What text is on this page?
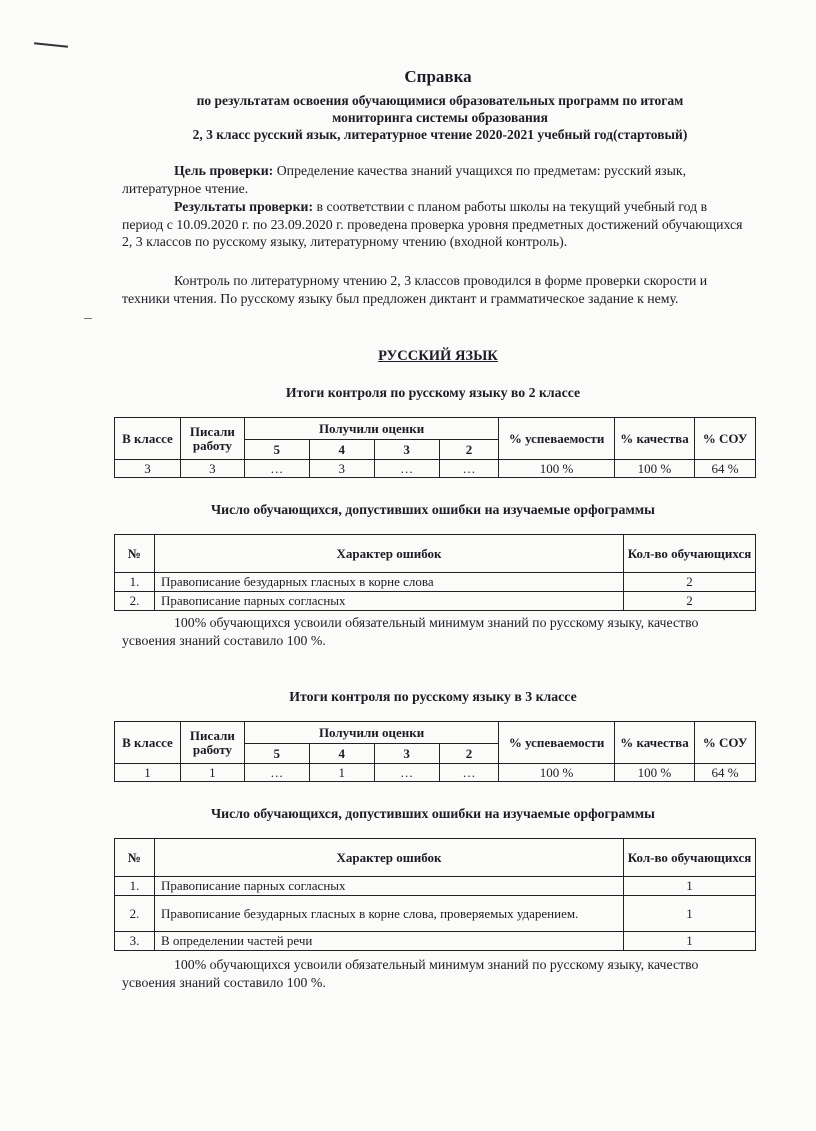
Справка
по результатам освоения обучающимися образовательных программ по итогам
мониторинга системы образования
2, 3 класс русский язык, литературное чтение 2020-2021 учебный год(стартовый)
Цель проверки: Определение качества знаний учащихся по предметам: русский язык, литературное чтение.
Результаты проверки: в соответствии с планом работы школы на текущий учебный год в период с 10.09.2020 г. по 23.09.2020 г. проведена проверка уровня предметных достижений обучающихся 2, 3 классов по русскому языку, литературному чтению (входной контроль).
Контроль по литературному чтению 2, 3 классов проводился в форме проверки скорости и техники чтения. По русскому языку был предложен диктант и грамматическое задание к нему.
РУССКИЙ ЯЗЫК
Итоги контроля по русскому языку во 2 классе
В классе	Писали работу	Получили оценки				% успеваемости	% качества	% СОУ
		5	4	3	2			
3	3	…	3	…	…	100 %	100 %	64 %
Число обучающихся, допустивших ошибки на изучаемые орфограммы
№	Характер ошибок	Кол-во обучающихся
1.	Правописание безударных гласных в корне слова	2
2.	Правописание парных согласных	2
100% обучающихся усвоили обязательный минимум знаний по русскому языку, качество усвоения знаний составило 100 %.
Итоги контроля по русскому языку в 3 классе
В классе	Писали работу	Получили оценки				% успеваемости	% качества	% СОУ
		5	4	3	2			
1	1	…	1	…	…	100 %	100 %	64 %
Число обучающихся, допустивших ошибки на изучаемые орфограммы
№	Характер ошибок	Кол-во обучающихся
1.	Правописание парных согласных	1
2.	Правописание безударных гласных в корне слова, проверяемых ударением.	1
3.	В определении частей речи	1
100% обучающихся усвоили обязательный минимум знаний по русскому языку, качество усвоения знаний составило 100 %.
